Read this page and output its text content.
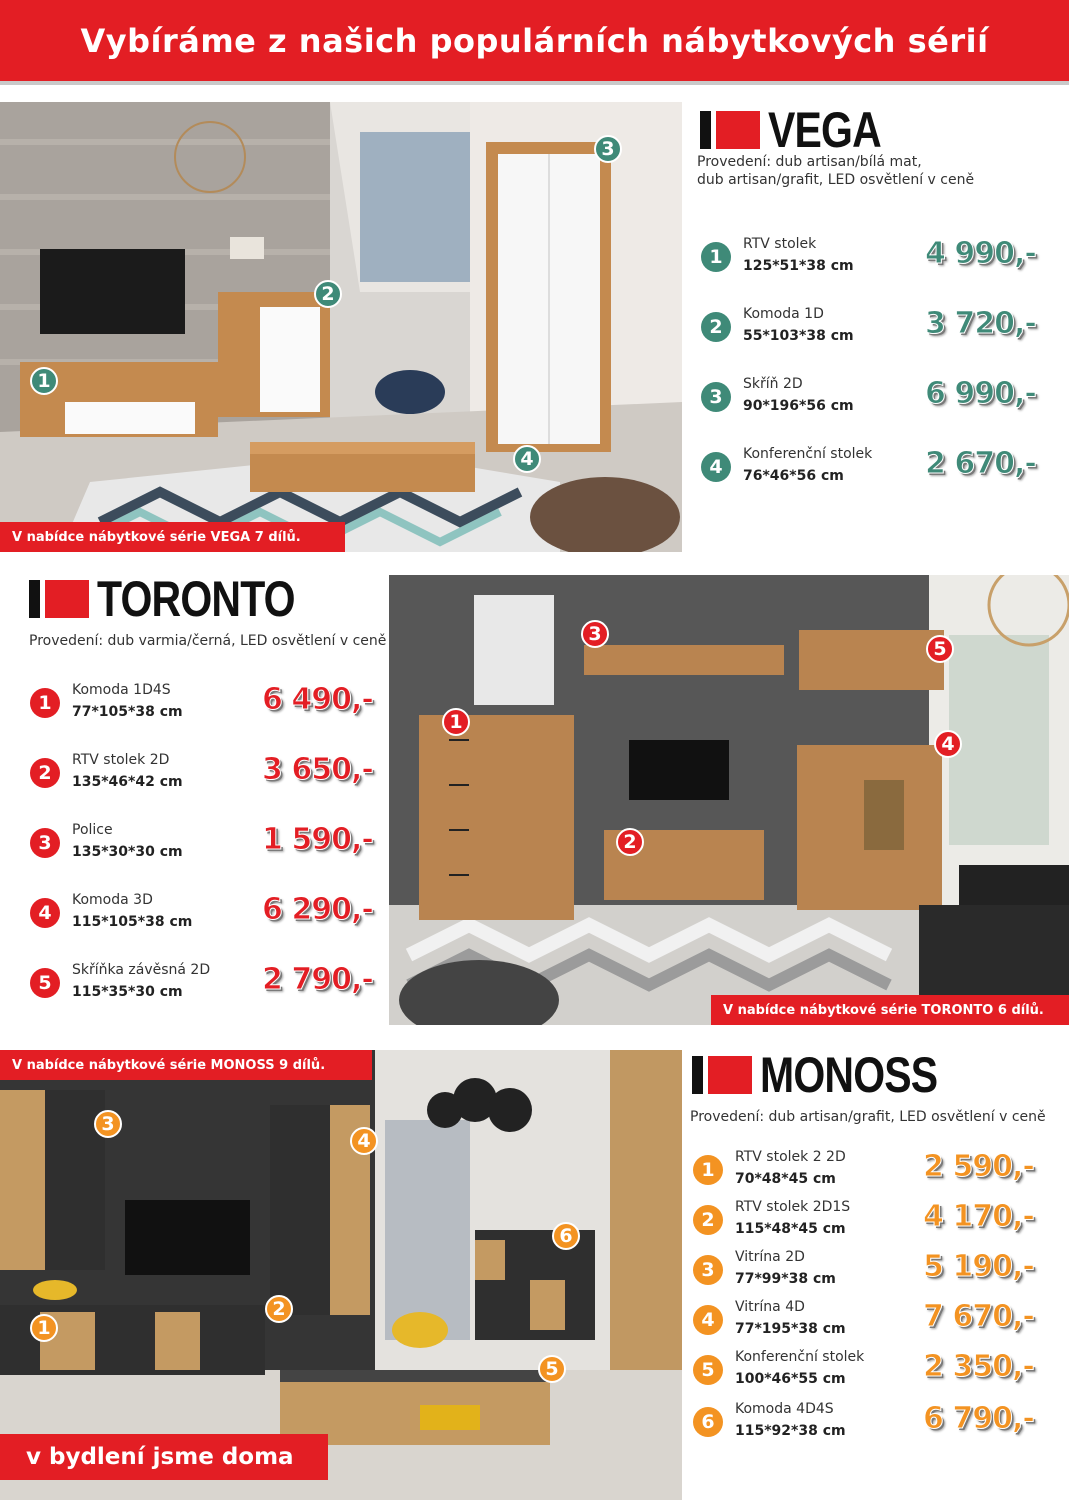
Vybíráme z našich populárních nábytkových sérií
1
2
3
4
V nabídce nábytkové série VEGA 7 dílů.
VEGA
Provedení: dub artisan/bílá mat,
dub artisan/grafit, LED osvětlení v ceně
1
RTV stolek
125*51*38 cm 4 990,-
2
Komoda 1D
55*103*38 cm 3 720,-
3
Skříň 2D
90*196*56 cm 6 990,-
4
Konferenční stolek
76*46*56 cm	2 670,-
TORONTO
Provedení: dub varmia/černá, LED osvětlení v ceně
1
Komoda 1D4S
77*105*38 cm	6 490,-
2
RTV stolek 2D
135*46*42 cm	3 650,-
3
Police
135*30*30 cm	1 590,-
4
Komoda 3D
115*105*38 cm 6 290,-
5
Skříňka závěsná 2D
115*35*30 cm	2 790,-
3
5
1
4
2
V nabídce nábytkové série TORONTO 6 dílů.
V nabídce nábytkové série MONOSS 9 dílů.
3
4
6
2
1
5
v bydlení jsme doma
MONOSS
Provedení: dub artisan/grafit, LED osvětlení v ceně
1
RTV stolek 2 2D
70*48*45 cm	2 590,-
2
RTV stolek 2D1S
115*48*45 cm	4 170,-
3
Vitrína 2D
77*99*38 cm	5 190,-
4
Vitrína 4D
77*195*38 cm	7 670,-
5
Konferenční stolek
100*46*55 cm	2 350,-
6
Komoda 4D4S
115*92*38 cm	6 790,-
